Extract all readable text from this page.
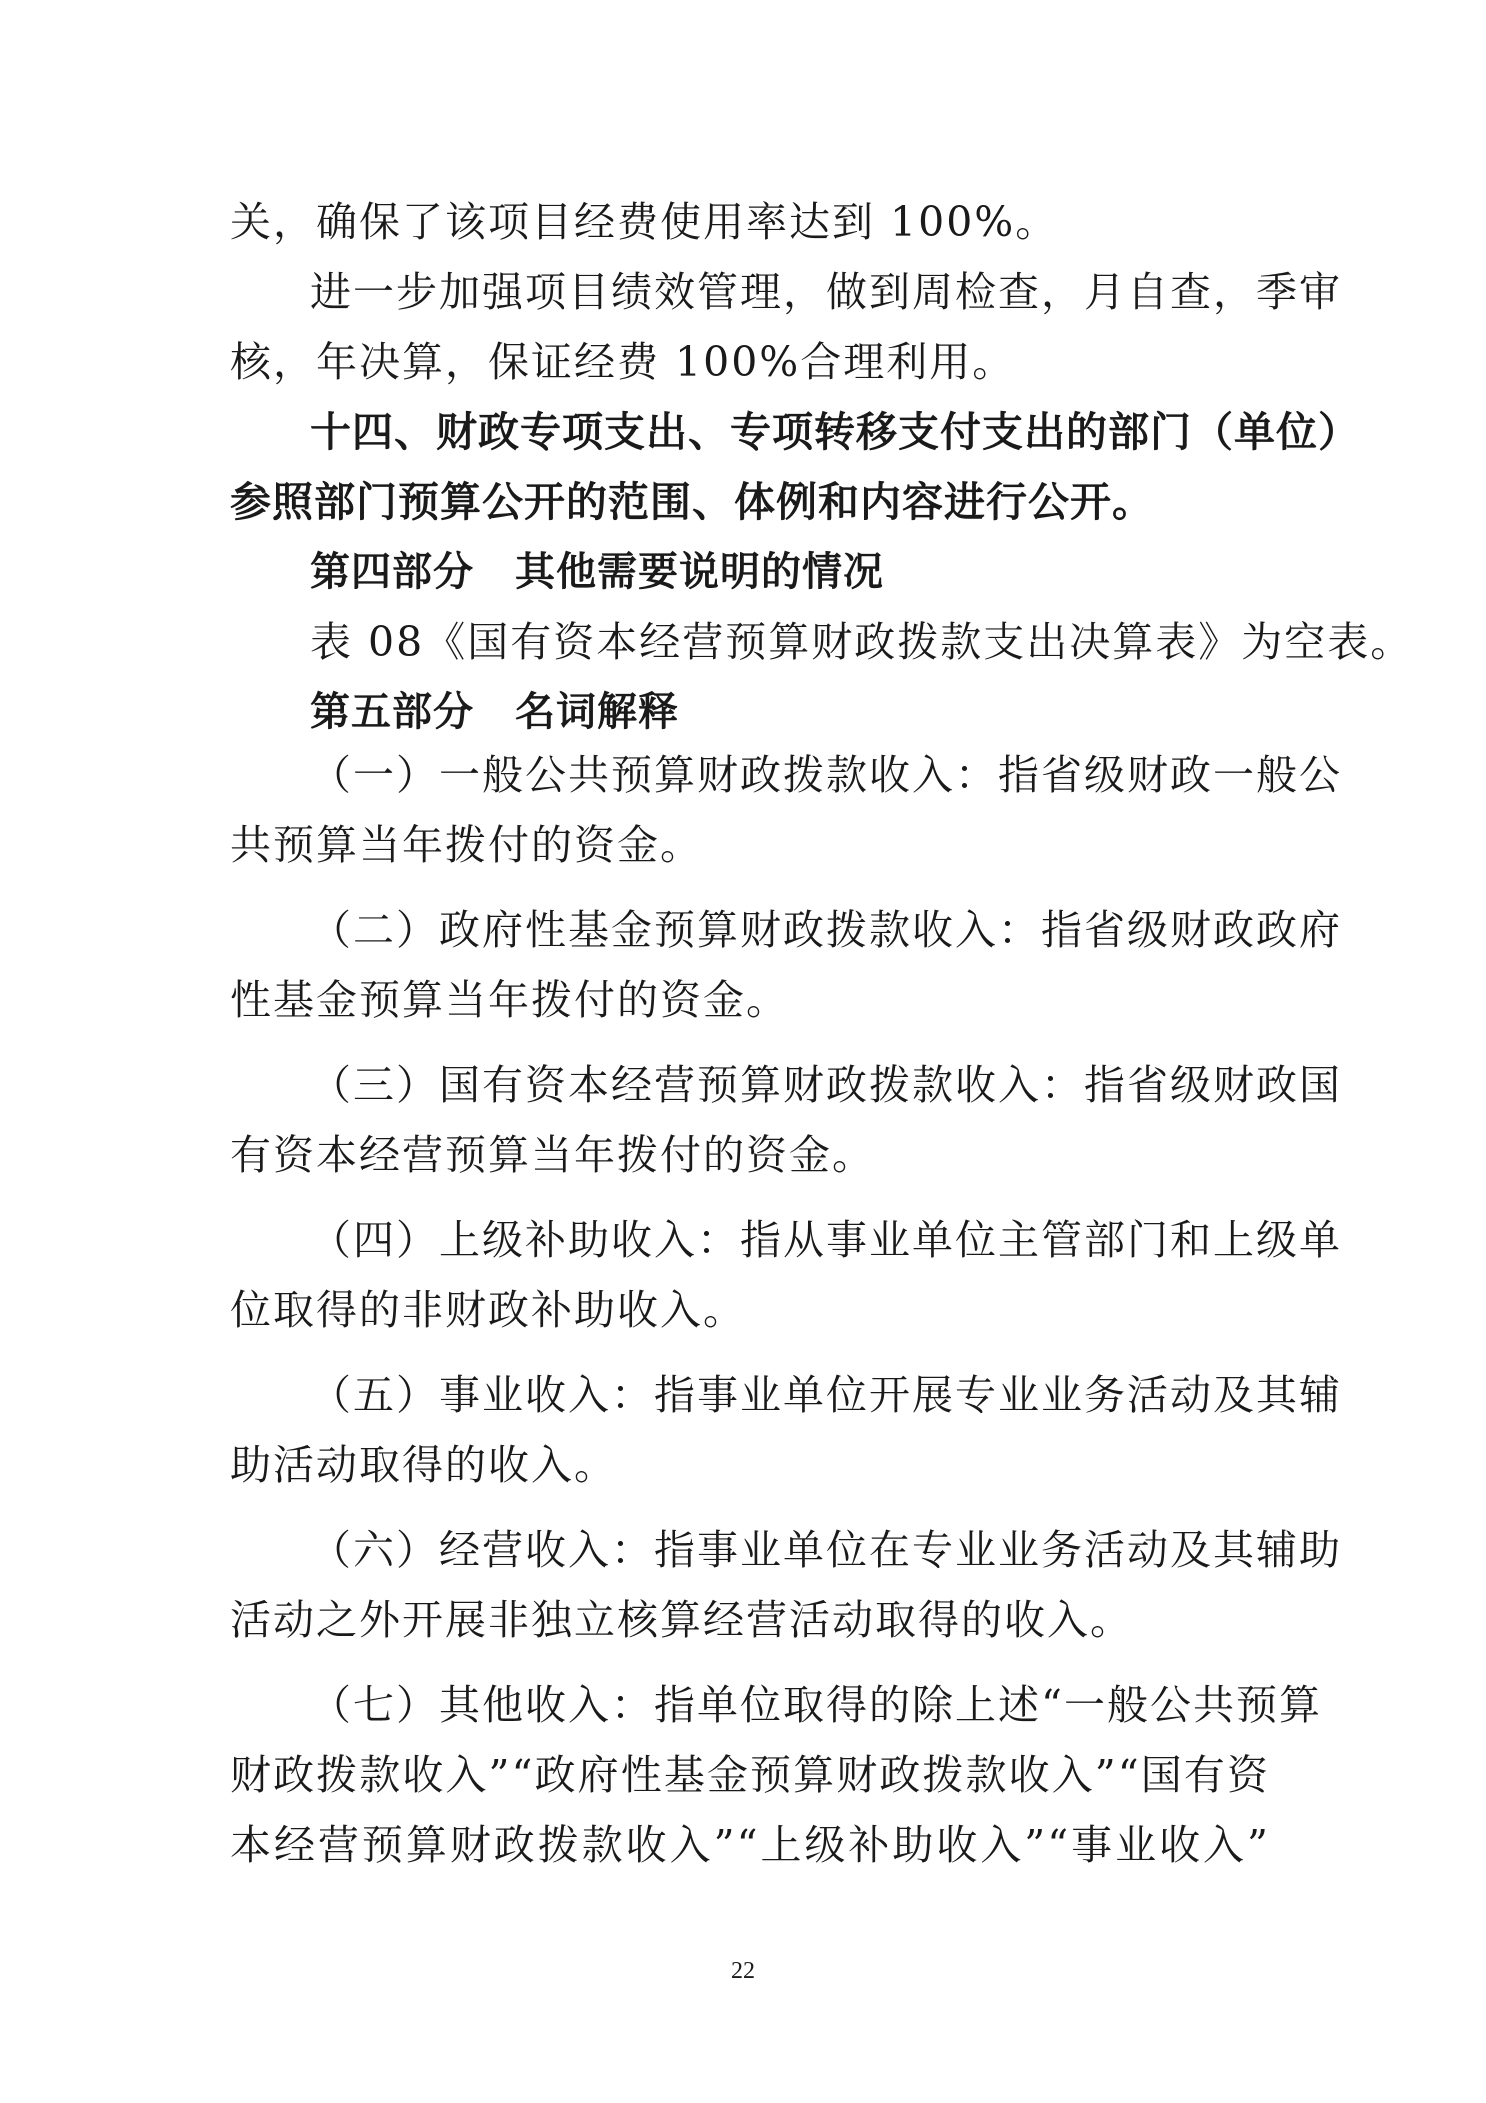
关，确保了该项目经费使用率达到 100%。
进一步加强项目绩效管理，做到周检查，月自查，季审
核，年决算，保证经费 100%合理利用。
十四、财政专项支出、专项转移支付支出的部门（单位）
参照部门预算公开的范围、体例和内容进行公开。
第四部分　其他需要说明的情况
表 08《国有资本经营预算财政拨款支出决算表》为空表。
第五部分　名词解释
（一）一般公共预算财政拨款收入：指省级财政一般公
共预算当年拨付的资金。
（二）政府性基金预算财政拨款收入：指省级财政政府
性基金预算当年拨付的资金。
（三）国有资本经营预算财政拨款收入：指省级财政国
有资本经营预算当年拨付的资金。
（四）上级补助收入：指从事业单位主管部门和上级单
位取得的非财政补助收入。
（五）事业收入：指事业单位开展专业业务活动及其辅
助活动取得的收入。
（六）经营收入：指事业单位在专业业务活动及其辅助
活动之外开展非独立核算经营活动取得的收入。
（七）其他收入：指单位取得的除上述“一般公共预算
财政拨款收入”“政府性基金预算财政拨款收入”“国有资
本经营预算财政拨款收入”“上级补助收入”“事业收入”
22
